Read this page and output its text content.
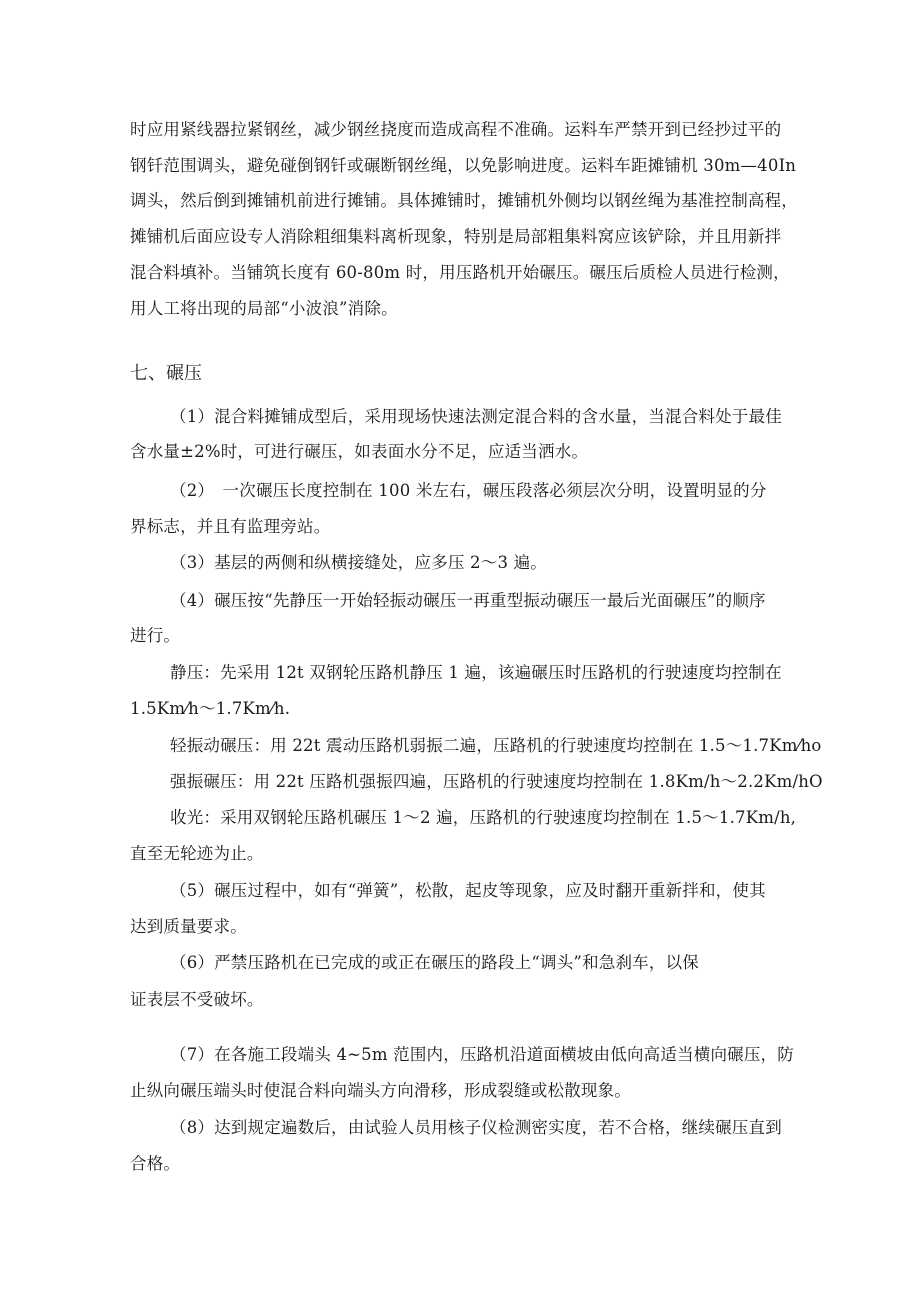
时应用紧线器拉紧钢丝，减少钢丝挠度而造成高程不准确。运料车严禁开到已经抄过平的
钢钎范围调头，避免碰倒钢钎或碾断钢丝绳，以免影响进度。运料车距摊铺机 30m—40In
调头，然后倒到摊铺机前进行摊铺。具体摊铺时，摊铺机外侧均以钢丝绳为基准控制高程，
摊铺机后面应设专人消除粗细集料离析现象，特别是局部粗集料窝应该铲除，并且用新拌
混合料填补。当铺筑长度有 60-80m 时，用压路机开始碾压。碾压后质检人员进行检测，
用人工将出现的局部“小波浪”消除。
七、碾压
（1）混合料摊铺成型后，采用现场快速法测定混合料的含水量，当混合料处于最佳
含水量±2%时，可进行碾压，如表面水分不足，应适当洒水。
（2）　一次碾压长度控制在 100 米左右，碾压段落必须层次分明，设置明显的分
界标志，并且有监理旁站。
（3）基层的两侧和纵横接缝处，应多压 2～3 遍。
（4）碾压按“先静压一开始轻振动碾压一再重型振动碾压一最后光面碾压”的顺序
进行。
静压：先采用 12t 双钢轮压路机静压 1 遍，该遍碾压时压路机的行驶速度均控制在
1.5Km⁄h～1.7Km⁄h.
轻振动碾压：用 22t 震动压路机弱振二遍，压路机的行驶速度均控制在 1.5～1.7Km⁄ho
强振碾压：用 22t 压路机强振四遍，压路机的行驶速度均控制在 1.8Km/h～2.2Km/hO
收光：采用双钢轮压路机碾压 1～2 遍，压路机的行驶速度均控制在 1.5～1.7Km/h,
直至无轮迹为止。
（5）碾压过程中，如有“弹簧”，松散，起皮等现象，应及时翻开重新拌和，使其
达到质量要求。
（6）严禁压路机在已完成的或正在碾压的路段上“调头”和急刹车，以保
证表层不受破坏。
（7）在各施工段端头 4~5m 范围内，压路机沿道面横坡由低向高适当横向碾压，防
止纵向碾压端头时使混合料向端头方向滑移，形成裂缝或松散现象。
（8）达到规定遍数后，由试验人员用核子仪检测密实度，若不合格，继续碾压直到
合格。
